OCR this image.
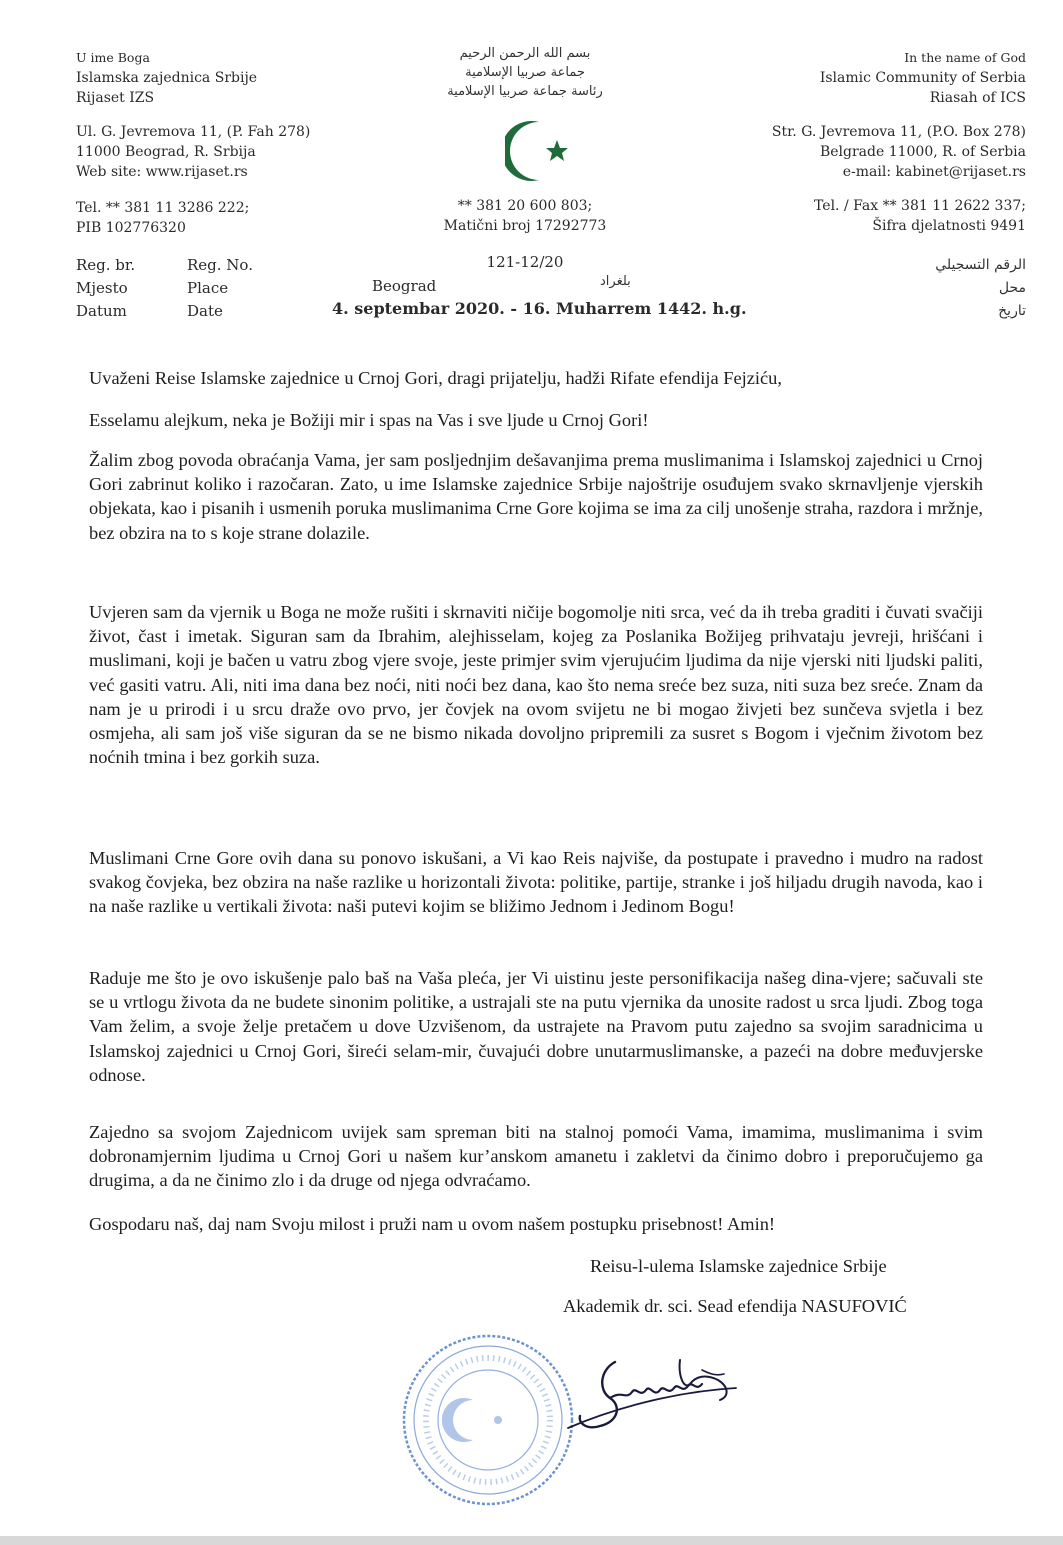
U ime Boga
Islamska zajednica Srbije
Rijaset IZS
Ul. G. Jevremova 11, (P. Fah 278)
11000 Beograd, R. Srbija
Web site: www.rijaset.rs
Tel. ** 381 11 3286 222;
PIB 102776320
بسم الله الرحمن الرحيم
جماعة صربيا الإسلامية
رئاسة جماعة صربيا الإسلامية
** 381 20 600 803;
Matični broj 17292773
In the name of God
Islamic Community of Serbia
Riasah of ICS
Str. G. Jevremova 11, (P.O. Box 278)
Belgrade 11000, R. of Serbia
e-mail: kabinet@rijaset.rs
Tel. / Fax ** 381 11 2622 337;
Šifra djelatnosti 9491
Reg. br.
Mjesto
Datum
Reg. No.
Place
Date
121-12/20
Beograd	بلغراد
4. septembar 2020. - 16. Muharrem 1442. h.g.
الرقم التسجيلي
محل
تاريخ

Uvaženi Reise Islamske zajednice u Crnoj Gori, dragi prijatelju, hadži Rifate efendija Fejziću,

Esselamu alejkum, neka je Božiji mir i spas na Vas i sve ljude u Crnoj Gori!

Žalim zbog povoda obraćanja Vama, jer sam posljednjim dešavanjima prema muslimanima i Islamskoj zajednici u Crnoj Gori zabrinut koliko i razočaran. Zato, u ime Islamske zajednice Srbije najoštrije osuđujem svako skrnavljenje vjerskih objekata, kao i pisanih i usmenih poruka muslimanima Crne Gore kojima se ima za cilj unošenje straha, razdora i mržnje, bez obzira na to s koje strane dolazile.

Uvjeren sam da vjernik u Boga ne može rušiti i skrnaviti ničije bogomolje niti srca, već da ih treba graditi i čuvati svačiji život, čast i imetak. Siguran sam da Ibrahim, alejhisselam, kojeg za Poslanika Božijeg prihvataju jevreji, hrišćani i muslimani, koji je bačen u vatru zbog vjere svoje, jeste primjer svim vjerujućim ljudima da nije vjerski niti ljudski paliti, već gasiti vatru. Ali, niti ima dana bez noći, niti noći bez dana, kao što nema sreće bez suza, niti suza bez sreće. Znam da nam je u prirodi i u srcu draže ovo prvo, jer čovjek na ovom svijetu ne bi mogao živjeti bez sunčeva svjetla i bez osmjeha, ali sam još više siguran da se ne bismo nikada dovoljno pripremili za susret s Bogom i vječnim životom bez noćnih tmina i bez gorkih suza.

Muslimani Crne Gore ovih dana su ponovo iskušani, a Vi kao Reis najviše, da postupate i pravedno i mudro na radost svakog čovjeka, bez obzira na naše razlike u horizontali života: politike, partije, stranke i još hiljadu drugih navoda, kao i na naše razlike u vertikali života: naši putevi kojim se bližimo Jednom i Jedinom Bogu!

Raduje me što je ovo iskušenje palo baš na Vaša pleća, jer Vi uistinu jeste personifikacija našeg dina-vjere; sačuvali ste se u vrtlogu života da ne budete sinonim politike, a ustrajali ste na putu vjernika da unosite radost u srca ljudi. Zbog toga Vam želim, a svoje želje pretačem u dove Uzvišenom, da ustrajete na Pravom putu zajedno sa svojim saradnicima u Islamskoj zajednici u Crnoj Gori, šireći selam-mir, čuvajući dobre unutarmuslimanske, a pazeći na dobre međuvjerske odnose.

Zajedno sa svojom Zajednicom uvijek sam spreman biti na stalnoj pomoći Vama, imamima, muslimanima i svim dobronamjernim ljudima u Crnoj Gori u našem kur’anskom amanetu i zakletvi da činimo dobro i preporučujemo ga drugima, a da ne činimo zlo i da druge od njega odvraćamo.

Gospodaru naš, daj nam Svoju milost i pruži nam u ovom našem postupku prisebnost! Amin!

Reisu-l-ulema Islamske zajednice Srbije
Akademik dr. sci. Sead efendija NASUFOVIĆ
